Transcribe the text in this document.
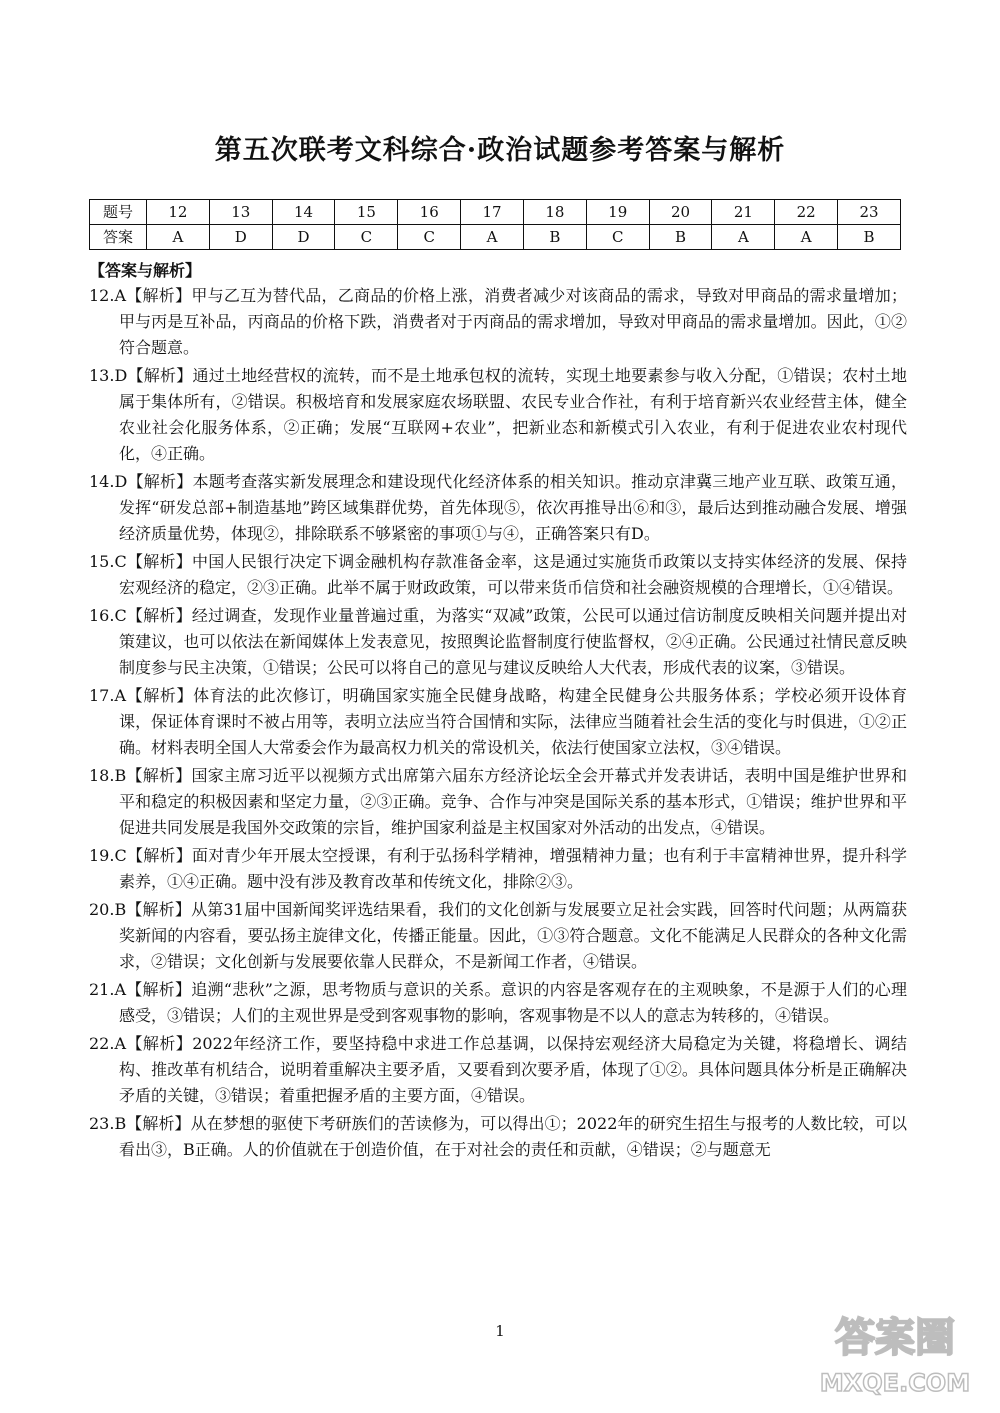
第五次联考文科综合·政治试题参考答案与解析
题号	12	13	14	15	16	17	18	19	20	21	22	23
答案	A	D	D	C	C	A	B	C	B	A	A	B

【答案与解析】

12.A【解析】甲与乙互为替代品，乙商品的价格上涨，消费者减少对该商品的需求，导致对甲商品的需求量增加；甲与丙是互补品，丙商品的价格下跌，消费者对于丙商品的需求增加，导致对甲商品的需求量增加。因此，①②符合题意。

13.D【解析】通过土地经营权的流转，而不是土地承包权的流转，实现土地要素参与收入分配，①错误；农村土地属于集体所有，②错误。积极培育和发展家庭农场联盟、农民专业合作社，有利于培育新兴农业经营主体，健全农业社会化服务体系，②正确；发展“互联网+农业”，把新业态和新模式引入农业，有利于促进农业农村现代化，④正确。

14.D【解析】本题考查落实新发展理念和建设现代化经济体系的相关知识。推动京津冀三地产业互联、政策互通，发挥“研发总部+制造基地”跨区域集群优势，首先体现⑤，依次再推导出⑥和③，最后达到推动融合发展、增强经济质量优势，体现②，排除联系不够紧密的事项①与④，正确答案只有D。

15.C【解析】中国人民银行决定下调金融机构存款准备金率，这是通过实施货币政策以支持实体经济的发展、保持宏观经济的稳定，②③正确。此举不属于财政政策，可以带来货币信贷和社会融资规模的合理增长，①④错误。

16.C【解析】经过调查，发现作业量普遍过重，为落实“双减”政策，公民可以通过信访制度反映相关问题并提出对策建议，也可以依法在新闻媒体上发表意见，按照舆论监督制度行使监督权，②④正确。公民通过社情民意反映制度参与民主决策，①错误；公民可以将自己的意见与建议反映给人大代表，形成代表的议案，③错误。

17.A【解析】体育法的此次修订，明确国家实施全民健身战略，构建全民健身公共服务体系；学校必须开设体育课，保证体育课时不被占用等，表明立法应当符合国情和实际，法律应当随着社会生活的变化与时俱进，①②正确。材料表明全国人大常委会作为最高权力机关的常设机关，依法行使国家立法权，③④错误。

18.B【解析】国家主席习近平以视频方式出席第六届东方经济论坛全会开幕式并发表讲话，表明中国是维护世界和平和稳定的积极因素和坚定力量，②③正确。竞争、合作与冲突是国际关系的基本形式，①错误；维护世界和平促进共同发展是我国外交政策的宗旨，维护国家利益是主权国家对外活动的出发点，④错误。

19.C【解析】面对青少年开展太空授课，有利于弘扬科学精神，增强精神力量；也有利于丰富精神世界，提升科学素养，①④正确。题中没有涉及教育改革和传统文化，排除②③。

20.B【解析】从第31届中国新闻奖评选结果看，我们的文化创新与发展要立足社会实践，回答时代问题；从两篇获奖新闻的内容看，要弘扬主旋律文化，传播正能量。因此，①③符合题意。文化不能满足人民群众的各种文化需求，②错误；文化创新与发展要依靠人民群众，不是新闻工作者，④错误。

21.A【解析】追溯“悲秋”之源，思考物质与意识的关系。意识的内容是客观存在的主观映象，不是源于人们的心理感受，③错误；人们的主观世界是受到客观事物的影响，客观事物是不以人的意志为转移的，④错误。

22.A【解析】2022年经济工作，要坚持稳中求进工作总基调，以保持宏观经济大局稳定为关键，将稳增长、调结构、推改革有机结合，说明着重解决主要矛盾，又要看到次要矛盾，体现了①②。具体问题具体分析是正确解决矛盾的关键，③错误；着重把握矛盾的主要方面，④错误。

23.B【解析】从在梦想的驱使下考研族们的苦读修为，可以得出①；2022年的研究生招生与报考的人数比较，可以看出③，B正确。人的价值就在于创造价值，在于对社会的责任和贡献，④错误；②与题意无

1	答案圈
MXQE.COM
